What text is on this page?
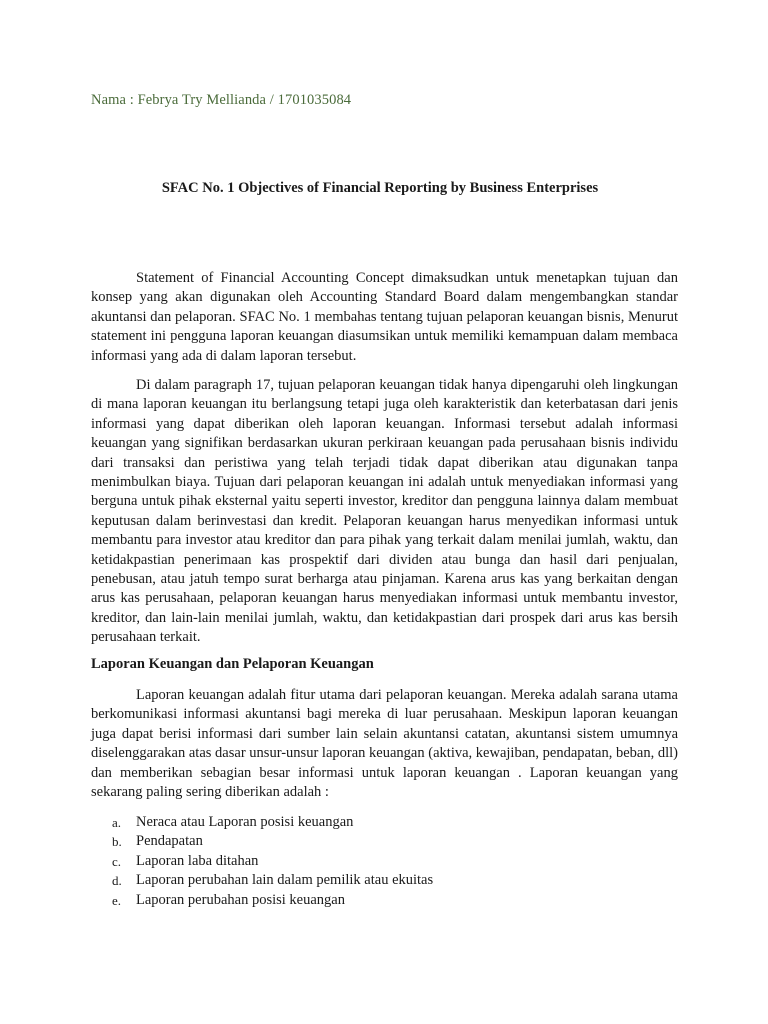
Nama : Febrya Try Mellianda / 1701035084
SFAC No. 1 Objectives of Financial Reporting by Business Enterprises

Statement of Financial Accounting Concept dimaksudkan untuk menetapkan tujuan dan konsep yang akan digunakan oleh Accounting Standard Board dalam mengembangkan standar akuntansi dan pelaporan. SFAC No. 1 membahas tentang tujuan pelaporan keuangan bisnis, Menurut statement ini pengguna laporan keuangan diasumsikan untuk memiliki kemampuan dalam membaca informasi yang ada di dalam laporan tersebut.

Di dalam paragraph 17, tujuan pelaporan keuangan tidak hanya dipengaruhi oleh lingkungan di mana laporan keuangan itu berlangsung tetapi juga oleh karakteristik dan keterbatasan dari jenis informasi yang dapat diberikan oleh laporan keuangan. Informasi tersebut adalah informasi keuangan yang signifikan berdasarkan ukuran perkiraan keuangan pada perusahaan bisnis individu dari transaksi dan peristiwa yang telah terjadi tidak dapat diberikan atau digunakan tanpa menimbulkan biaya. Tujuan dari pelaporan keuangan ini adalah untuk menyediakan informasi yang berguna untuk pihak eksternal yaitu seperti investor, kreditor dan pengguna lainnya dalam membuat keputusan dalam berinvestasi dan kredit. Pelaporan keuangan harus menyedikan informasi untuk membantu para investor atau kreditor dan para pihak yang terkait dalam menilai jumlah, waktu, dan ketidakpastian penerimaan kas prospektif dari dividen atau bunga dan hasil dari penjualan, penebusan, atau jatuh tempo surat berharga atau pinjaman. Karena arus kas yang berkaitan dengan arus kas perusahaan, pelaporan keuangan harus menyediakan informasi untuk membantu investor, kreditor, dan lain-lain menilai jumlah, waktu, dan ketidakpastian dari prospek dari arus kas bersih perusahaan terkait.

Laporan Keuangan dan Pelaporan Keuangan

Laporan keuangan adalah fitur utama dari pelaporan keuangan. Mereka adalah sarana utama berkomunikasi informasi akuntansi bagi mereka di luar perusahaan. Meskipun laporan keuangan juga dapat berisi informasi dari sumber lain selain akuntansi catatan, akuntansi sistem umumnya diselenggarakan atas dasar unsur-unsur laporan keuangan (aktiva, kewajiban, pendapatan, beban, dll) dan memberikan sebagian besar informasi untuk laporan keuangan . Laporan keuangan yang sekarang paling sering diberikan adalah :

a.	Neraca atau Laporan posisi keuangan
b. Pendapatan
c.	Laporan laba ditahan
d. Laporan perubahan lain dalam pemilik atau ekuitas
e.	Laporan perubahan posisi keuangan
